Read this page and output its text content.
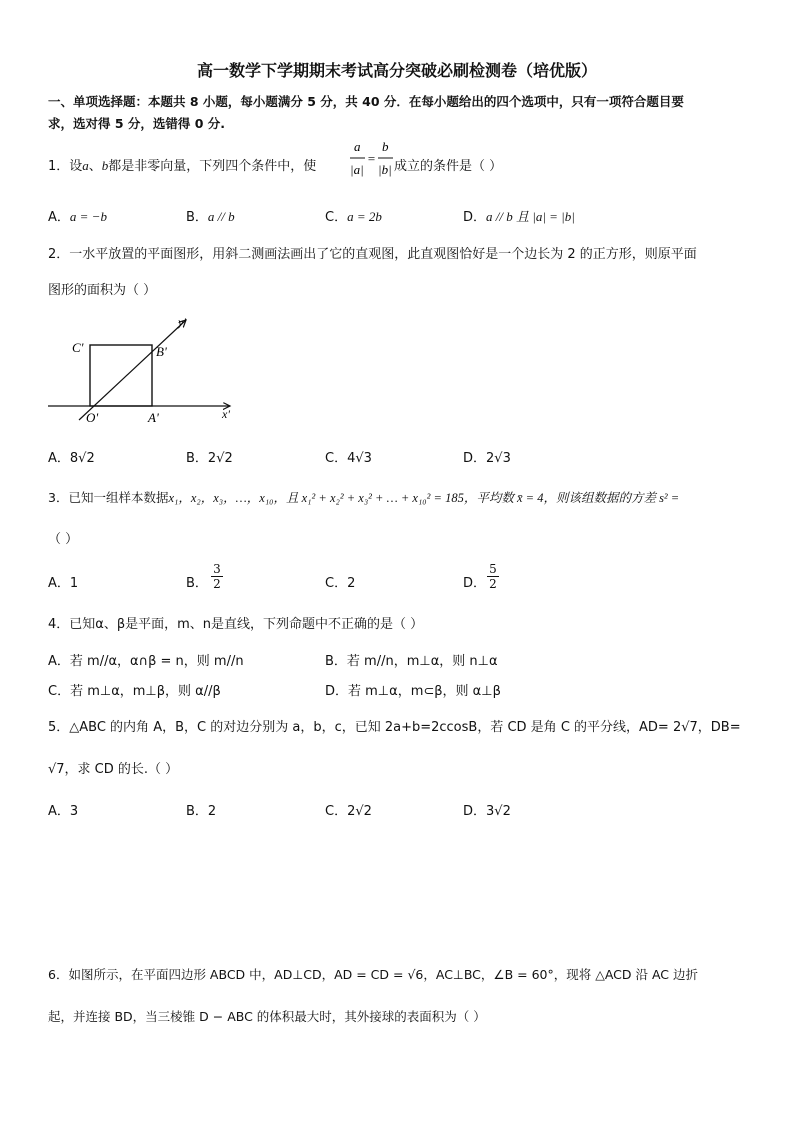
高一数学下学期期末考试高分突破必刷检测卷（培优版）
一、单项选择题：本题共 8 小题，每小题满分 5 分，共 40 分．在每小题给出的四个选项中，只有一项符合题目要
求，选对得 5 分，选错得 0 分.
1．设a、b都是非零向量，下列四个条件中，使
a
|a|
=
b
|b| 成立的条件是（ ）
A．a = −b	B．a // b	C．a = 2b	D．a // b 且 |a| = |b|
2．一水平放置的平面图形，用斜二测画法画出了它的直观图，此直观图恰好是一个边长为 2 的正方形，则原平面
图形的面积为（ ）
y'
x'
C'	B'
O'	A'
A．8√2	B．2√2	C．4√3	D．2√3
3．已知一组样本数据x₁，x₂，x₃，…，x₁₀，且 x₁² + x₂² + x₃² + … + x₁₀² = 185，平均数 x̄ = 4，则该组数据的方差 s² =
（ ）
A．1	B．
3
2	C．2	D．
5
2
4．已知α、β是平面，m、n是直线，下列命题中不正确的是（ ）
A．若 m//α，α∩β = n，则 m//n	B．若 m//n，m⊥α，则 n⊥α
C．若 m⊥α，m⊥β，则 α//β	D．若 m⊥α，m⊂β，则 α⊥β
5．△ABC 的内角 A，B，C 的对边分别为 a，b，c，已知 2a+b=2ccosB，若 CD 是角 C 的平分线，AD= 2√7，DB=
√7，求 CD 的长.（ ）
A．3	B．2	C．2√2	D．3√2
6．如图所示，在平面四边形 ABCD 中，AD⊥CD，AD = CD = √6，AC⊥BC，∠B = 60°，现将 △ACD 沿 AC 边折
起，并连接 BD，当三棱锥 D − ABC 的体积最大时，其外接球的表面积为（ ）
